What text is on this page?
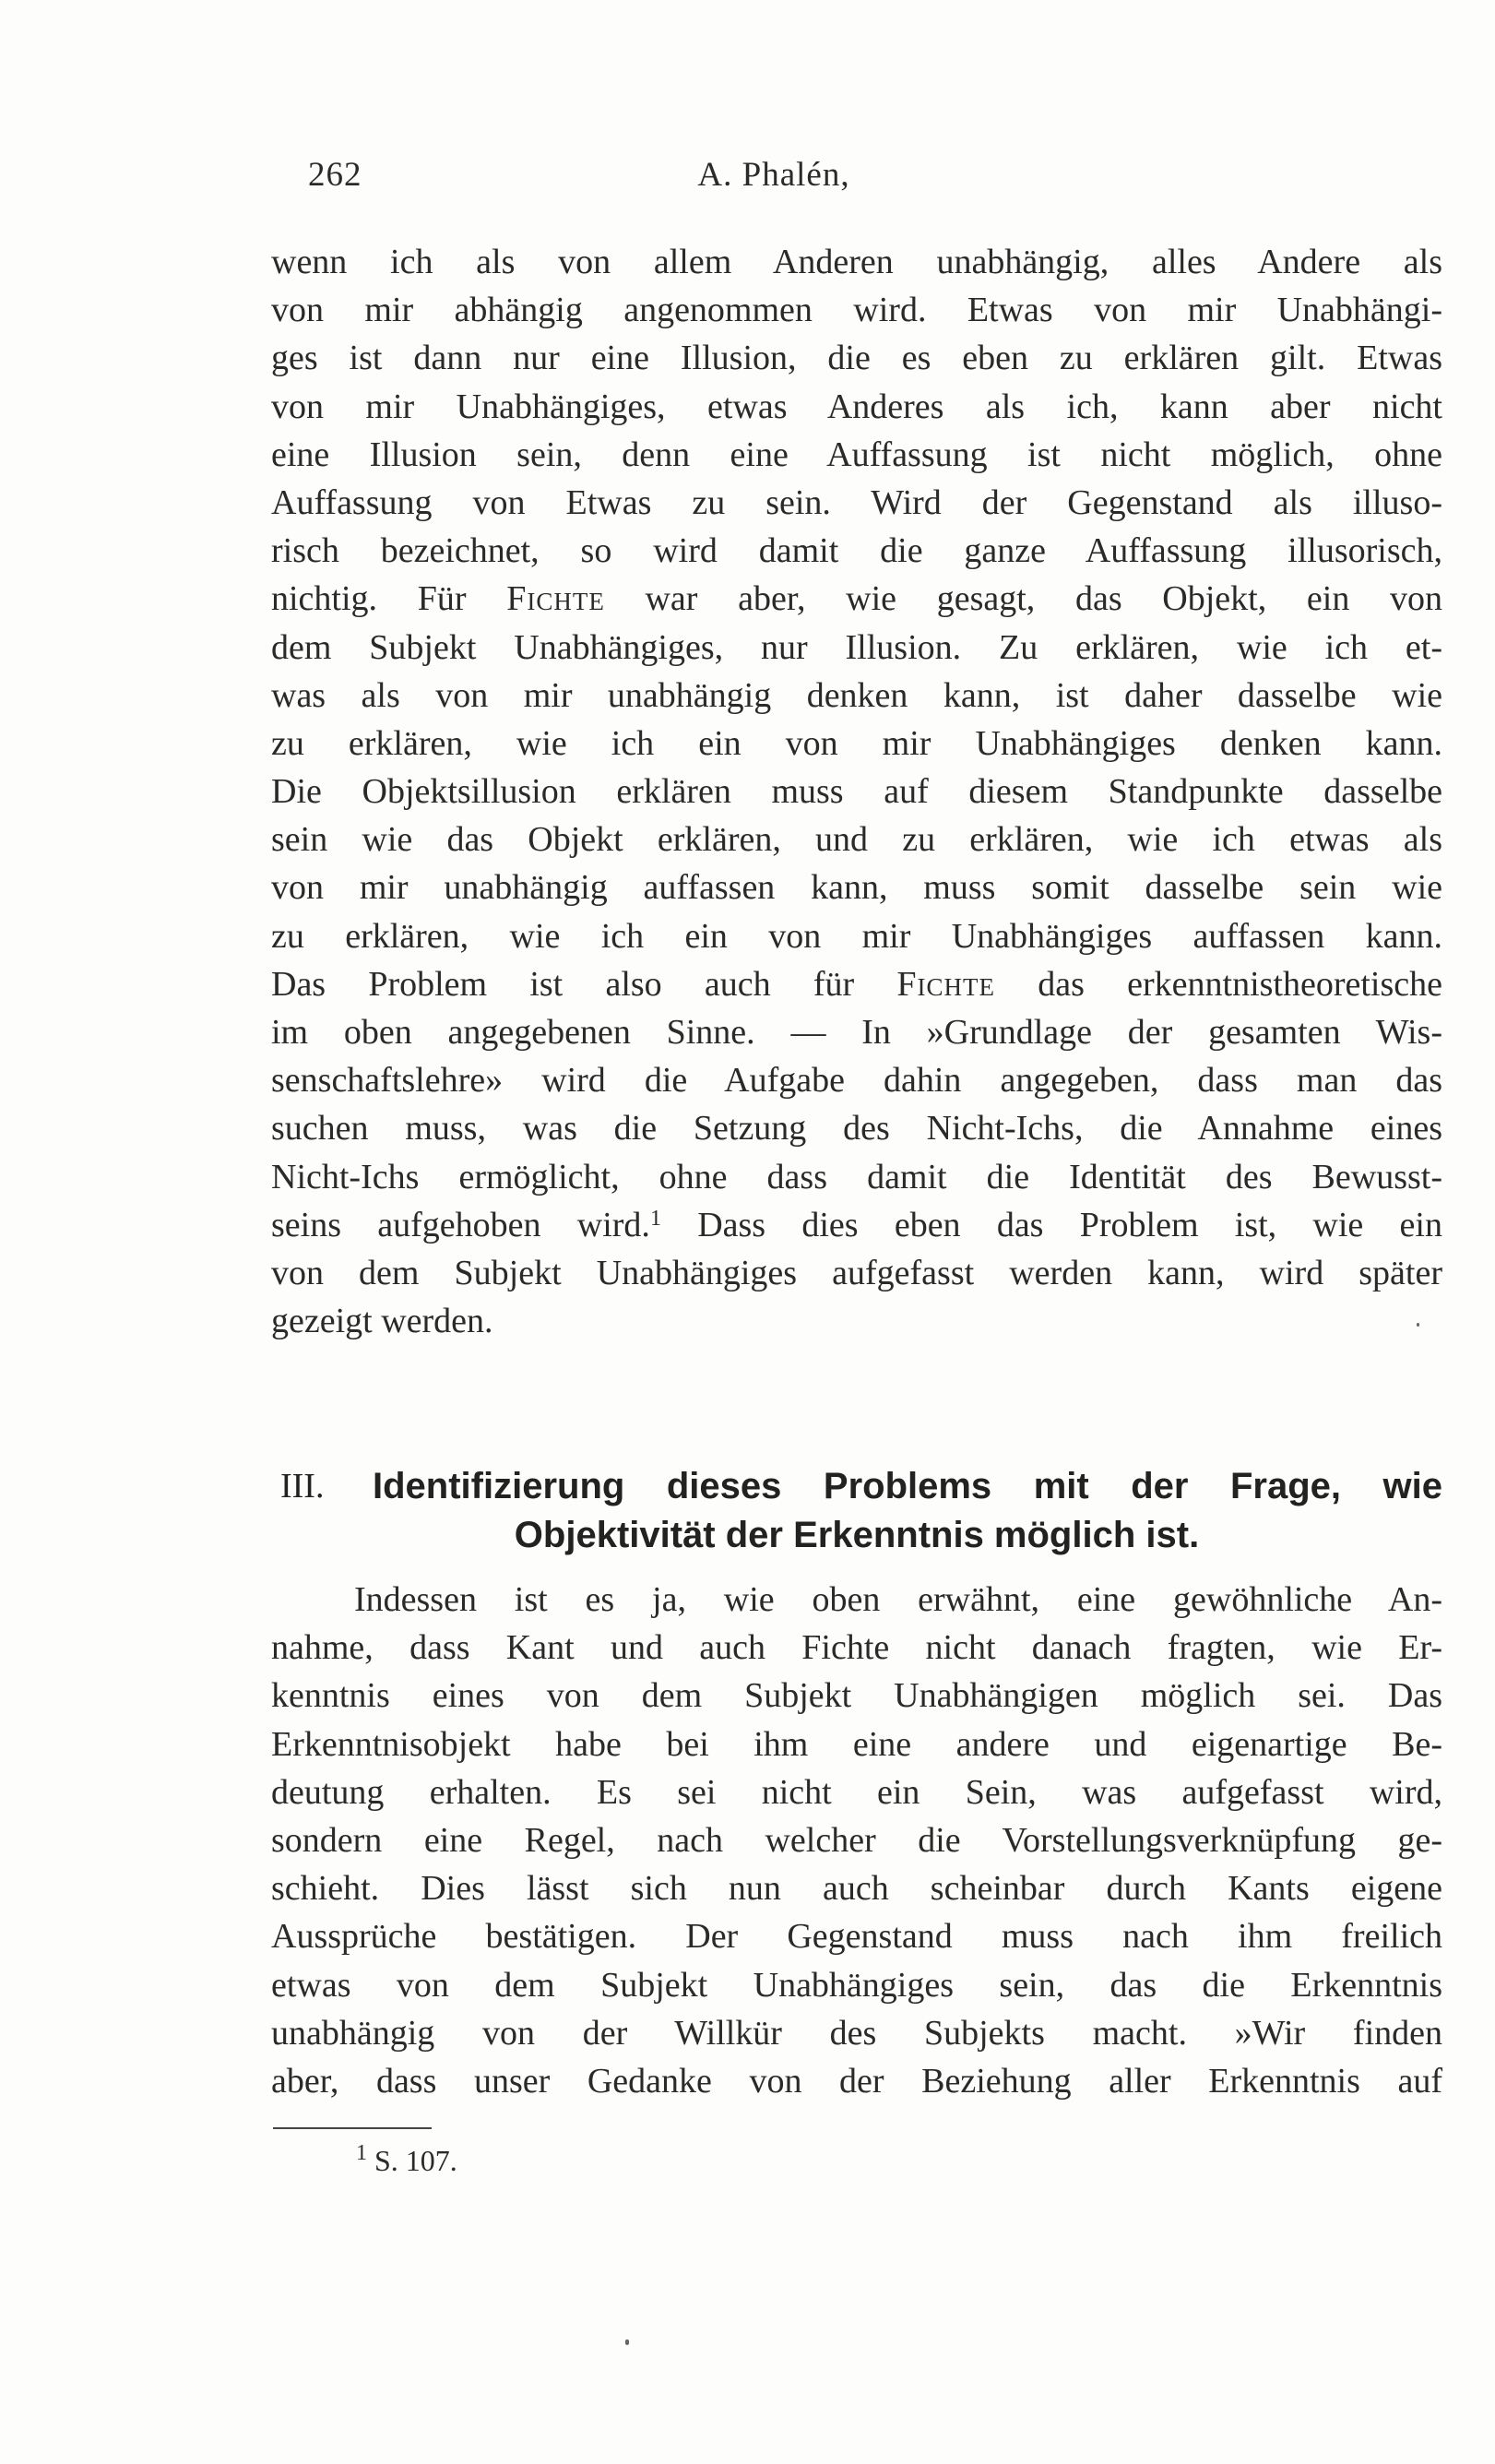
262	A. Phalén,
wenn ich als von allem Anderen unabhängig, alles Andere als
von mir abhängig angenommen wird. Etwas von mir Unabhängi-
ges ist dann nur eine Illusion, die es eben zu erklären gilt. Etwas
von mir Unabhängiges, etwas Anderes als ich, kann aber nicht
eine Illusion sein, denn eine Auffassung ist nicht möglich, ohne
Auffassung von Etwas zu sein. Wird der Gegenstand als illuso-
risch bezeichnet, so wird damit die ganze Auffassung illusorisch,
nichtig. Für Fichte war aber, wie gesagt, das Objekt, ein von
dem Subjekt Unabhängiges, nur Illusion. Zu erklären, wie ich et-
was als von mir unabhängig denken kann, ist daher dasselbe wie
zu erklären, wie ich ein von mir Unabhängiges denken kann.
Die Objektsillusion erklären muss auf diesem Standpunkte dasselbe
sein wie das Objekt erklären, und zu erklären, wie ich etwas als
von mir unabhängig auffassen kann, muss somit dasselbe sein wie
zu erklären, wie ich ein von mir Unabhängiges auffassen kann.
Das Problem ist also auch für Fichte das erkenntnistheoretische
im oben angegebenen Sinne. — In »Grundlage der gesamten Wis-
senschaftslehre» wird die Aufgabe dahin angegeben, dass man das
suchen muss, was die Setzung des Nicht-Ichs, die Annahme eines
Nicht-Ichs ermöglicht, ohne dass damit die Identität des Bewusst-
seins aufgehoben wird.$^1$ Dass dies eben das Problem ist, wie ein
von dem Subjekt Unabhängiges aufgefasst werden kann, wird später
gezeigt werden.
III. Identifizierung dieses Problems mit der Frage, wie
Objektivität der Erkenntnis möglich ist.
Indessen ist es ja, wie oben erwähnt, eine gewöhnliche An-
nahme, dass Kant und auch Fichte nicht danach fragten, wie Er-
kenntnis eines von dem Subjekt Unabhängigen möglich sei. Das
Erkenntnisobjekt habe bei ihm eine andere und eigenartige Be-
deutung erhalten. Es sei nicht ein Sein, was aufgefasst wird,
sondern eine Regel, nach welcher die Vorstellungsverknüpfung ge-
schieht. Dies lässt sich nun auch scheinbar durch Kants eigene
Aussprüche bestätigen. Der Gegenstand muss nach ihm freilich
etwas von dem Subjekt Unabhängiges sein, das die Erkenntnis
unabhängig von der Willkür des Subjekts macht. »Wir finden
aber, dass unser Gedanke von der Beziehung aller Erkenntnis auf
$^1$ S. 107.
